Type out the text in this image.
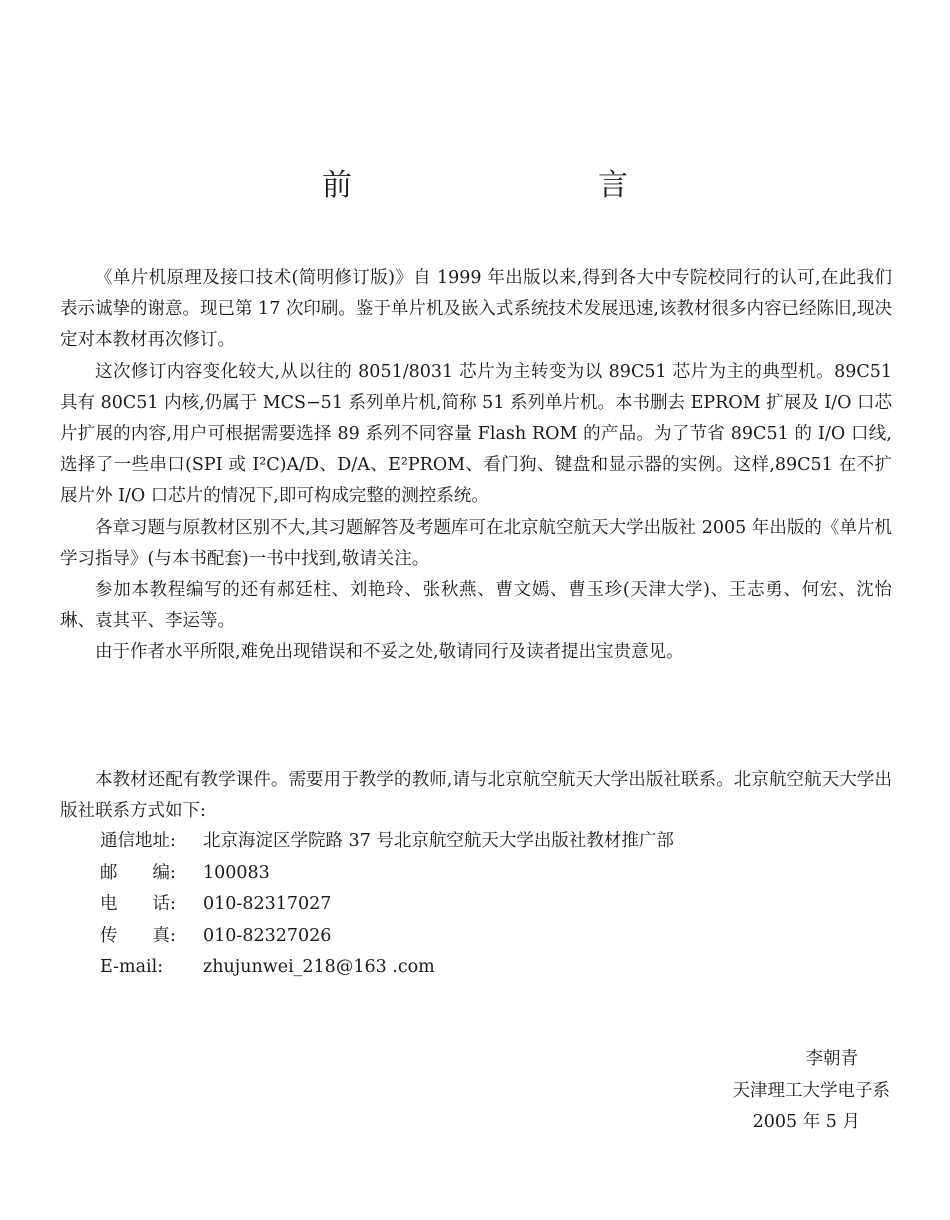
前　　言

《单片机原理及接口技术(简明修订版)》自 1999 年出版以来,得到各大中专院校同行的认可,在此我们表示诚挚的谢意。现已第 17 次印刷。鉴于单片机及嵌入式系统技术发展迅速,该教材很多内容已经陈旧,现决定对本教材再次修订。

这次修订内容变化较大,从以往的 8051/8031 芯片为主转变为以 89C51 芯片为主的典型机。89C51 具有 80C51 内核,仍属于 MCS−51 系列单片机,简称 51 系列单片机。本书删去 EPROM 扩展及 I/O 口芯片扩展的内容,用户可根据需要选择 89 系列不同容量 Flash ROM 的产品。为了节省 89C51 的 I/O 口线,选择了一些串口(SPI 或 I²C)A/D、D/A、E²PROM、看门狗、键盘和显示器的实例。这样,89C51 在不扩展片外 I/O 口芯片的情况下,即可构成完整的测控系统。

各章习题与原教材区别不大,其习题解答及考题库可在北京航空航天大学出版社 2005 年出版的《单片机学习指导》(与本书配套)一书中找到,敬请关注。

参加本教程编写的还有郝廷柱、刘艳玲、张秋燕、曹文嫣、曹玉珍(天津大学)、王志勇、何宏、沈怡琳、袁其平、李运等。

由于作者水平所限,难免出现错误和不妥之处,敬请同行及读者提出宝贵意见。

本教材还配有教学课件。需要用于教学的教师,请与北京航空航天大学出版社联系。北京航空航天大学出版社联系方式如下:

通信地址:	北京海淀区学院路 37 号北京航空航天大学出版社教材推广部
邮　　编:	100083
电　　话:	010-82317027
传　　真:	010-82327026
E-mail:	zhujunwei_218@163 .com
李朝青
天津理工大学电子系
2005 年 5 月
